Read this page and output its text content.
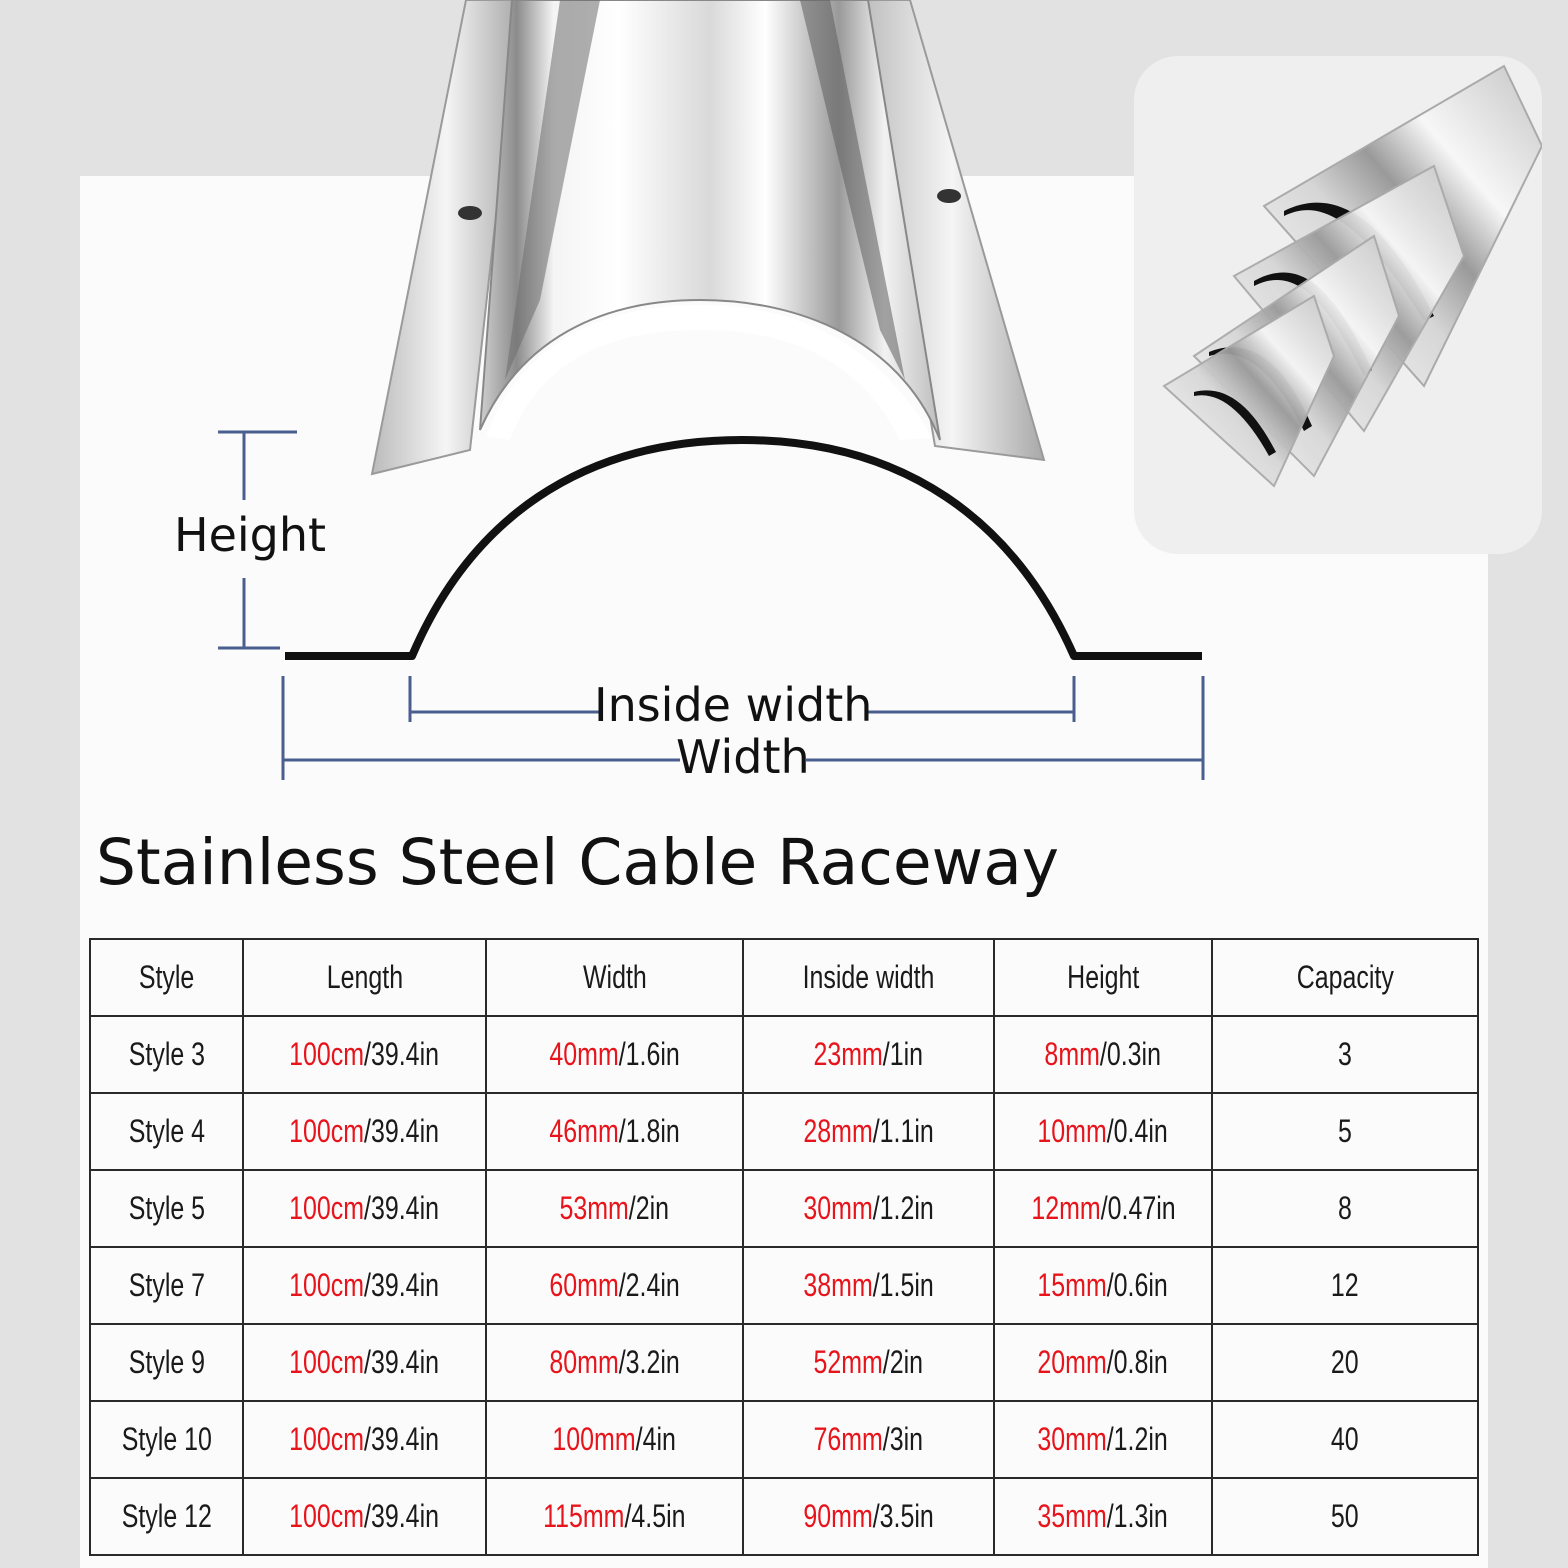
Height
Inside width
Width
Stainless Steel Cable Raceway
Style	Length	Width	Inside width	Height	Capacity
Style 3	100cm/39.4in	40mm/1.6in	23mm/1in	8mm/0.3in	3
Style 4	100cm/39.4in	46mm/1.8in	28mm/1.1in	10mm/0.4in	5
Style 5	100cm/39.4in	53mm/2in	30mm/1.2in	12mm/0.47in	8
Style 7	100cm/39.4in	60mm/2.4in	38mm/1.5in	15mm/0.6in	12
Style 9	100cm/39.4in	80mm/3.2in	52mm/2in	20mm/0.8in	20
Style 10	100cm/39.4in	100mm/4in	76mm/3in	30mm/1.2in	40
Style 12	100cm/39.4in	115mm/4.5in	90mm/3.5in	35mm/1.3in	50
